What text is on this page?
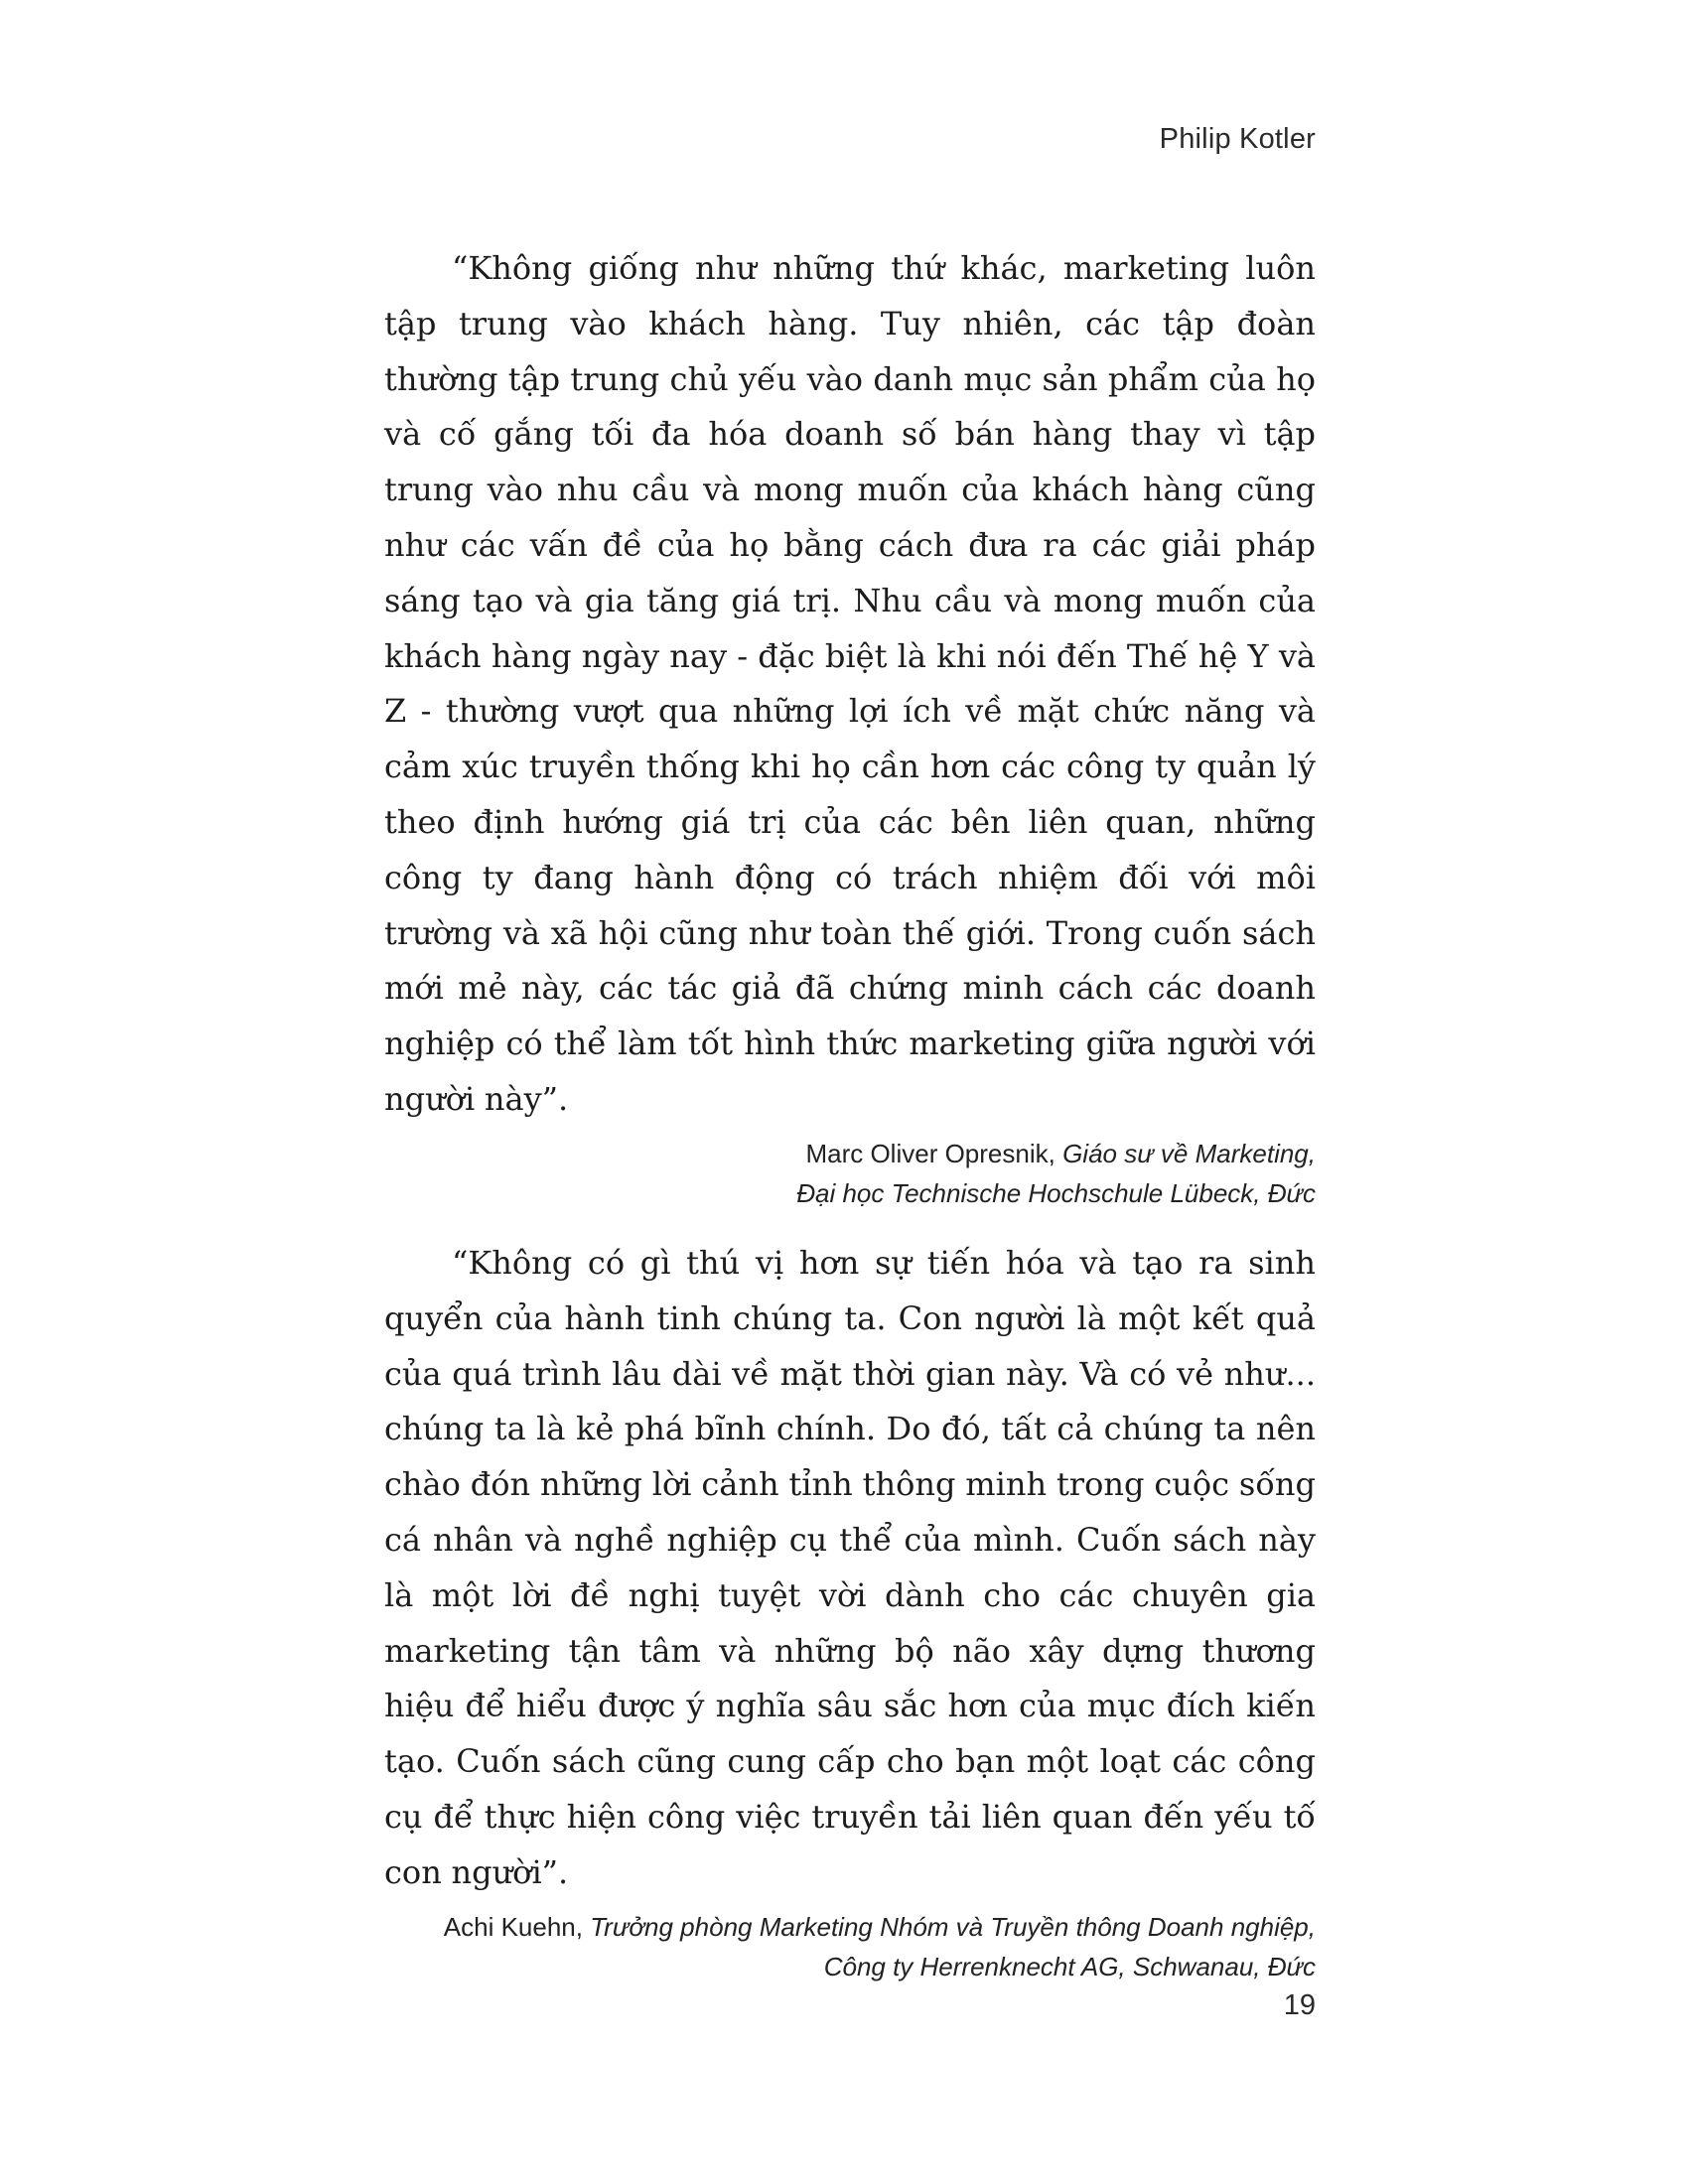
Philip Kotler

“Không giống như những thứ khác, marketing luôn tập trung vào khách hàng. Tuy nhiên, các tập đoàn thường tập trung chủ yếu vào danh mục sản phẩm của họ và cố gắng tối đa hóa doanh số bán hàng thay vì tập trung vào nhu cầu và mong muốn của khách hàng cũng như các vấn đề của họ bằng cách đưa ra các giải pháp sáng tạo và gia tăng giá trị. Nhu cầu và mong muốn của khách hàng ngày nay - đặc biệt là khi nói đến Thế hệ Y và Z - thường vượt qua những lợi ích về mặt chức năng và cảm xúc truyền thống khi họ cần hơn các công ty quản lý theo định hướng giá trị của các bên liên quan, những công ty đang hành động có trách nhiệm đối với môi trường và xã hội cũng như toàn thế giới. Trong cuốn sách mới mẻ này, các tác giả đã chứng minh cách các doanh nghiệp có thể làm tốt hình thức marketing giữa người với người này”.

Marc Oliver Opresnik, Giáo sư về Marketing,
Đại học Technische Hochschule Lübeck, Đức

“Không có gì thú vị hơn sự tiến hóa và tạo ra sinh quyển của hành tinh chúng ta. Con người là một kết quả của quá trình lâu dài về mặt thời gian này. Và có vẻ như... chúng ta là kẻ phá bĩnh chính. Do đó, tất cả chúng ta nên chào đón những lời cảnh tỉnh thông minh trong cuộc sống cá nhân và nghề nghiệp cụ thể của mình. Cuốn sách này là một lời đề nghị tuyệt vời dành cho các chuyên gia marketing tận tâm và những bộ não xây dựng thương hiệu để hiểu được ý nghĩa sâu sắc hơn của mục đích kiến tạo. Cuốn sách cũng cung cấp cho bạn một loạt các công cụ để thực hiện công việc truyền tải liên quan đến yếu tố con người”.

Achi Kuehn, Trưởng phòng Marketing Nhóm và Truyền thông Doanh nghiệp,
Công ty Herrenknecht AG, Schwanau, Đức
19
